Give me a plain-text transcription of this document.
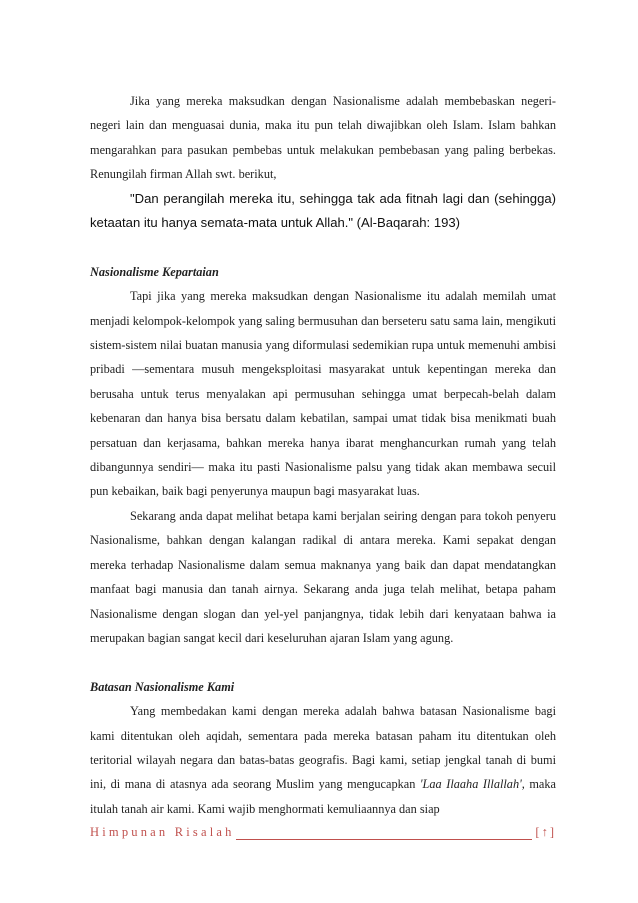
Jika yang mereka maksudkan dengan Nasionalisme adalah membebaskan negeri-negeri lain dan menguasai dunia, maka itu pun telah diwajibkan oleh Islam. Islam bahkan mengarahkan para pasukan pembebas untuk melakukan pembebasan yang paling berbekas. Renungilah firman Allah swt. berikut,

"Dan perangilah mereka itu, sehingga tak ada fitnah lagi dan (sehingga) ketaatan itu hanya semata-mata untuk Allah." (Al-Baqarah: 193)

Nasionalisme Kepartaian

Tapi jika yang mereka maksudkan dengan Nasionalisme itu adalah memilah umat menjadi kelompok-kelompok yang saling bermusuhan dan berseteru satu sama lain, mengikuti sistem-sistem nilai buatan manusia yang diformulasi sedemikian rupa untuk memenuhi ambisi pribadi —sementara musuh mengeksploitasi masyarakat untuk kepentingan mereka dan berusaha untuk terus menyalakan api permusuhan sehingga umat berpecah-belah dalam kebenaran dan hanya bisa bersatu dalam kebatilan, sampai umat tidak bisa menikmati buah persatuan dan kerjasama, bahkan mereka hanya ibarat menghancurkan rumah yang telah dibangunnya sendiri— maka itu pasti Nasionalisme palsu yang tidak akan membawa secuil pun kebaikan, baik bagi penyerunya maupun bagi masyarakat luas.

Sekarang anda dapat melihat betapa kami berjalan seiring dengan para tokoh penyeru Nasionalisme, bahkan dengan kalangan radikal di antara mereka. Kami sepakat dengan mereka terhadap Nasionalisme dalam semua maknanya yang baik dan dapat mendatangkan manfaat bagi manusia dan tanah airnya. Sekarang anda juga telah melihat, betapa paham Nasionalisme dengan slogan dan yel-yel panjangnya, tidak lebih dari kenyataan bahwa ia merupakan bagian sangat kecil dari keseluruhan ajaran Islam yang agung.

Batasan Nasionalisme Kami

Yang membedakan kami dengan mereka adalah bahwa batasan Nasionalisme bagi kami ditentukan oleh aqidah, sementara pada mereka batasan paham itu ditentukan oleh teritorial wilayah negara dan batas-batas geografis. Bagi kami, setiap jengkal tanah di bumi ini, di mana di atasnya ada seorang Muslim yang mengucapkan 'Laa Ilaaha Illallah', maka itulah tanah air kami. Kami wajib menghormati kemuliaannya dan siap

Himpunan Risalah	[↑]
